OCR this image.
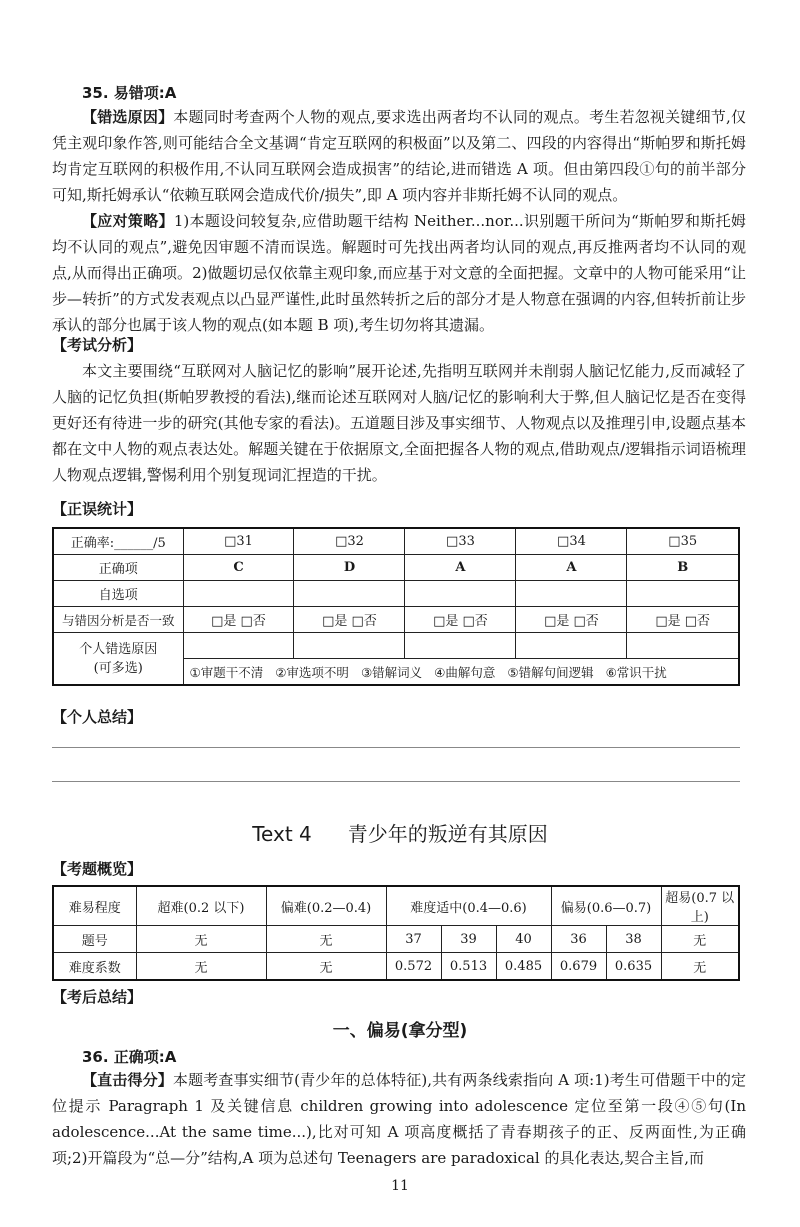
35. 易错项:A
【错选原因】本题同时考查两个人物的观点,要求选出两者均不认同的观点。考生若忽视关键细节,仅凭主观印象作答,则可能结合全文基调“肯定互联网的积极面”以及第二、四段的内容得出“斯帕罗和斯托姆均肯定互联网的积极作用,不认同互联网会造成损害”的结论,进而错选 A 项。但由第四段①句的前半部分可知,斯托姆承认“依赖互联网会造成代价/损失”,即 A 项内容并非斯托姆不认同的观点。
【应对策略】1)本题设问较复杂,应借助题干结构 Neither...nor...识别题干所问为“斯帕罗和斯托姆均不认同的观点”,避免因审题不清而误选。解题时可先找出两者均认同的观点,再反推两者均不认同的观点,从而得出正确项。2)做题切忌仅依靠主观印象,而应基于对文意的全面把握。文章中的人物可能采用“让步—转折”的方式发表观点以凸显严谨性,此时虽然转折之后的部分才是人物意在强调的内容,但转折前让步承认的部分也属于该人物的观点(如本题 B 项),考生切勿将其遗漏。
【考试分析】
本文主要围绕“互联网对人脑记忆的影响”展开论述,先指明互联网并未削弱人脑记忆能力,反而减轻了人脑的记忆负担(斯帕罗教授的看法),继而论述互联网对人脑/记忆的影响利大于弊,但人脑记忆是否在变得更好还有待进一步的研究(其他专家的看法)。五道题目涉及事实细节、人物观点以及推理引申,设题点基本都在文中人物的观点表达处。解题关键在于依据原文,全面把握各人物的观点,借助观点/逻辑指示词语梳理人物观点逻辑,警惕利用个别复现词汇捏造的干扰。
【正误统计】
正确率:______/5	□31	□32	□33	□34	□35
正确项	C	D	A	A	B
自选项					
与错因分析是否一致	□是 □否	□是 □否	□是 □否	□是 □否	□是 □否

个人错选原因
(可多选)					

	①审题干不清 ②审选项不明 ③错解词义 ④曲解句意 ⑤错解句间逻辑 ⑥常识干扰				
【个人总结】
Text 4 青少年的叛逆有其原因
【考题概览】
难易程度	超难(0.2 以下)	偏难(0.2—0.4)	难度适中(0.4—0.6)			偏易(0.6—0.7)		超易(0.7 以上)
题号	无	无	37	39	40	36	38	无
难度系数	无	无	0.572	0.513	0.485	0.679	0.635	无
【考后总结】
一、偏易(拿分型)
36. 正确项:A
【直击得分】本题考查事实细节(青少年的总体特征),共有两条线索指向 A 项:1)考生可借题干中的定位提示 Paragraph 1 及关键信息 children growing into adolescence 定位至第一段④⑤句(In adolescence...At the same time...),比对可知 A 项高度概括了青春期孩子的正、反两面性,为正确项;2)开篇段为“总—分”结构,A 项为总述句 Teenagers are paradoxical 的具化表达,契合主旨,而
11
